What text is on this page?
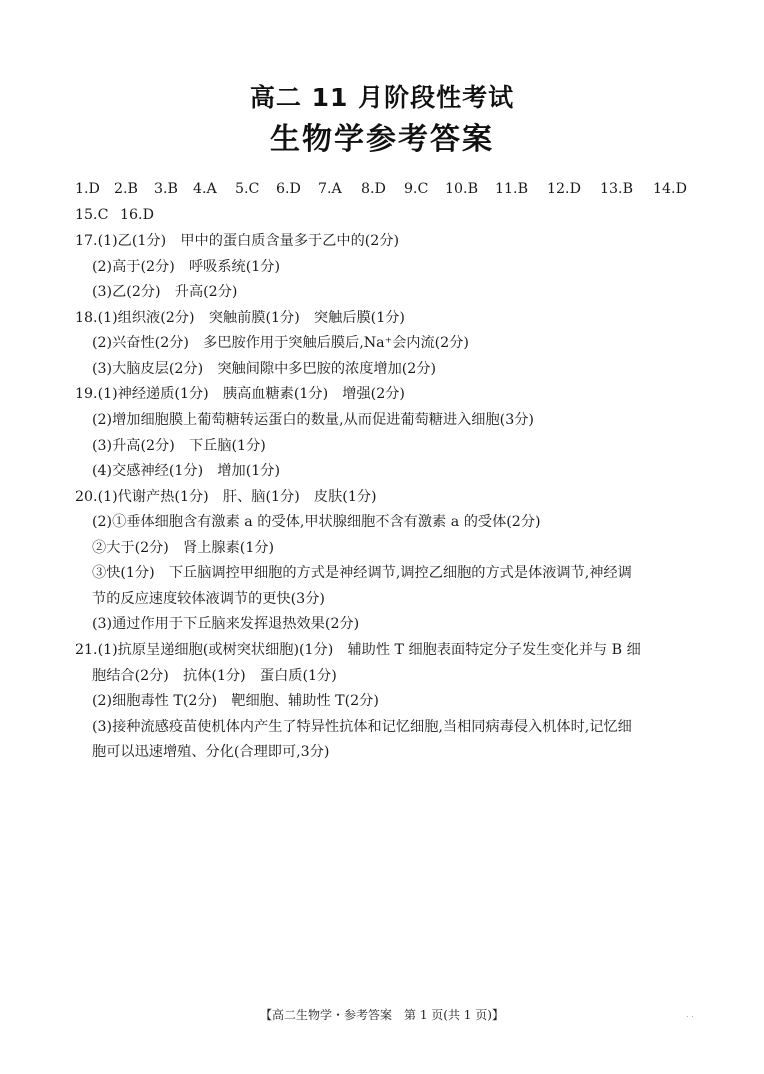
高二 11 月阶段性考试
生物学参考答案
1.D 2.B 3.B 4.A 5.C 6.D 7.A 8.D 9.C 10.B 11.B 12.D 13.B 14.D
15.C 16.D
17.(1)乙(1分)　甲中的蛋白质含量多于乙中的(2分)
(2)高于(2分)　呼吸系统(1分)
(3)乙(2分)　升高(2分)
18.(1)组织液(2分)　突触前膜(1分)　突触后膜(1分)
(2)兴奋性(2分)　多巴胺作用于突触后膜后,Na⁺会内流(2分)
(3)大脑皮层(2分)　突触间隙中多巴胺的浓度增加(2分)
19.(1)神经递质(1分)　胰高血糖素(1分)　增强(2分)
(2)增加细胞膜上葡萄糖转运蛋白的数量,从而促进葡萄糖进入细胞(3分)
(3)升高(2分)　下丘脑(1分)
(4)交感神经(1分)　增加(1分)
20.(1)代谢产热(1分)　肝、脑(1分)　皮肤(1分)
(2)①垂体细胞含有激素 a 的受体,甲状腺细胞不含有激素 a 的受体(2分)
②大于(2分)　肾上腺素(1分)
③快(1分)　下丘脑调控甲细胞的方式是神经调节,调控乙细胞的方式是体液调节,神经调
节的反应速度较体液调节的更快(3分)
(3)通过作用于下丘脑来发挥退热效果(2分)
21.(1)抗原呈递细胞(或树突状细胞)(1分)　辅助性 T 细胞表面特定分子发生变化并与 B 细
胞结合(2分)　抗体(1分)　蛋白质(1分)
(2)细胞毒性 T(2分)　靶细胞、辅助性 T(2分)
(3)接种流感疫苗使机体内产生了特异性抗体和记忆细胞,当相同病毒侵入机体时,记忆细
胞可以迅速增殖、分化(合理即可,3分)
【高二生物学・参考答案　第 1 页(共 1 页)】	. .
